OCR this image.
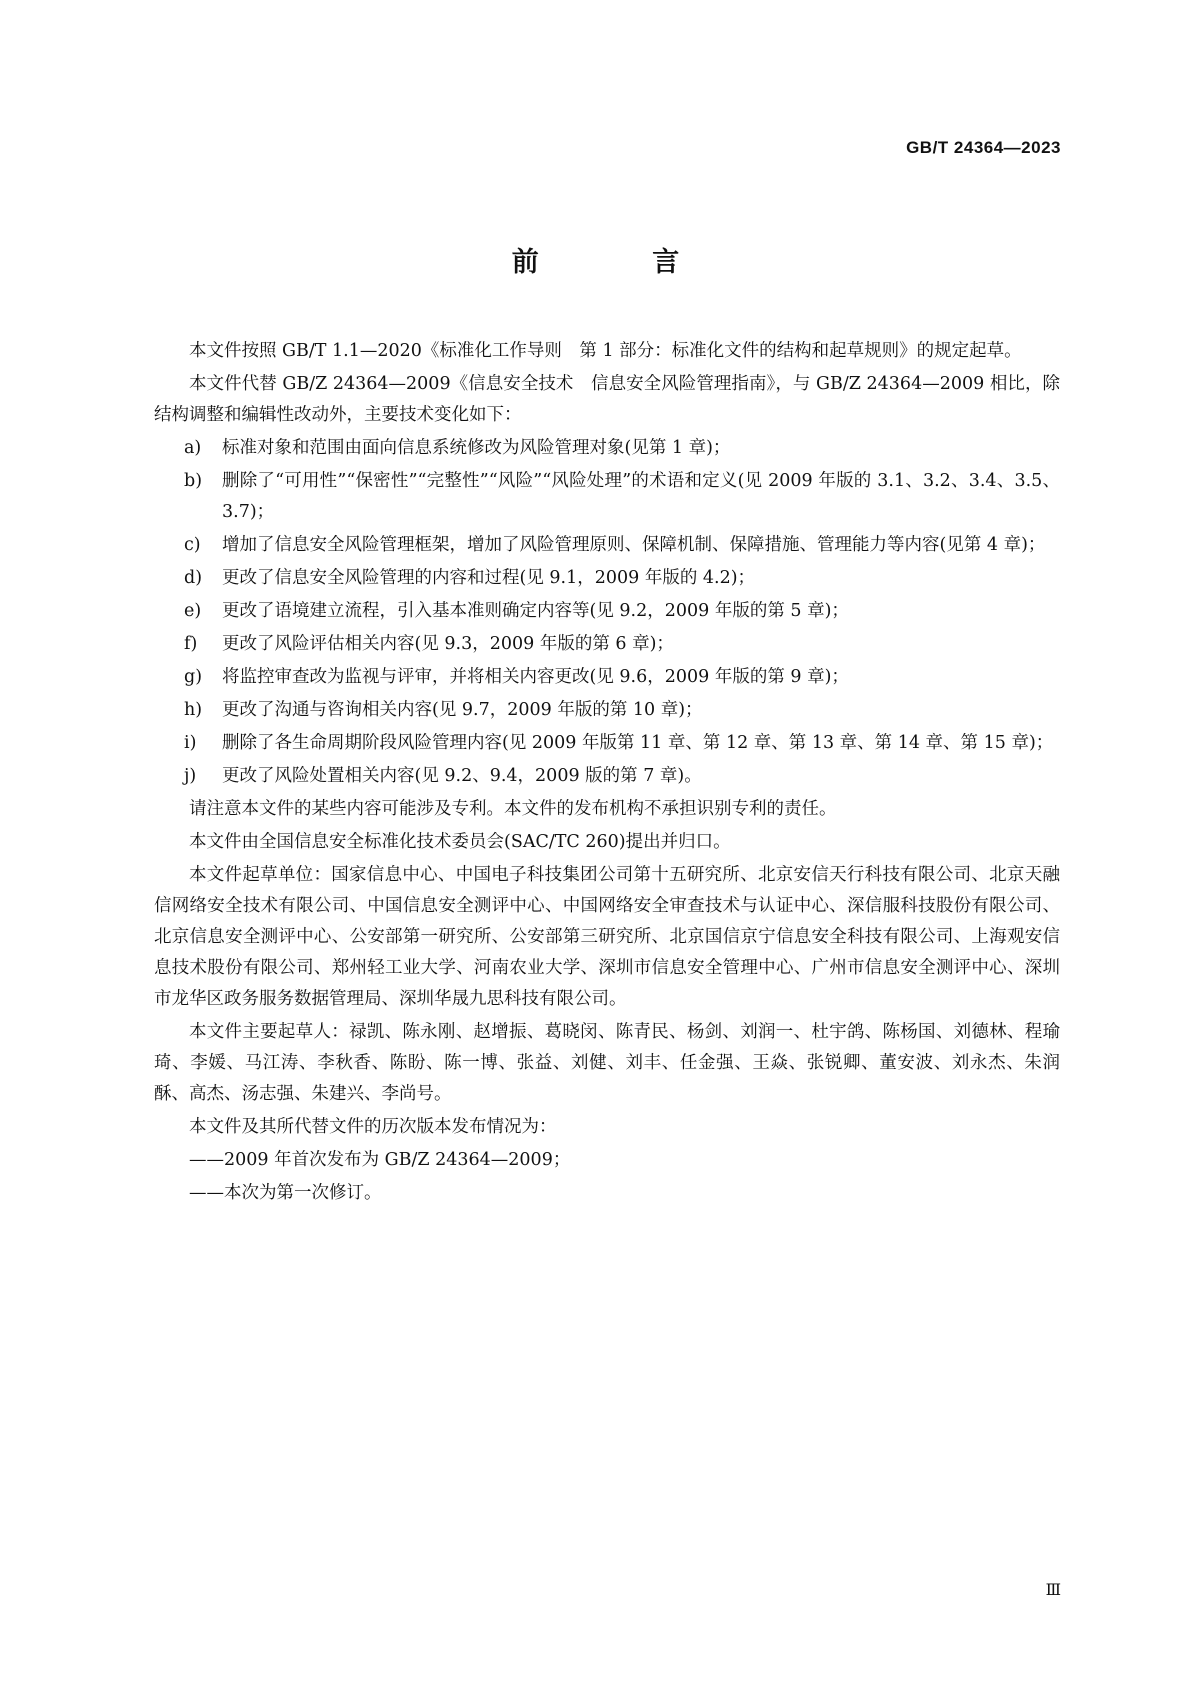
GB/T 24364—2023
前 言

本文件按照 GB/T 1.1—2020《标准化工作导则　第 1 部分：标准化文件的结构和起草规则》的规定起草。

本文件代替 GB/Z 24364—2009《信息安全技术　信息安全风险管理指南》，与 GB/Z 24364—2009 相比，除结构调整和编辑性改动外，主要技术变化如下：

a)	标准对象和范围由面向信息系统修改为风险管理对象(见第 1 章)；
b)	删除了“可用性”“保密性”“完整性”“风险”“风险处理”的术语和定义(见 2009 年版的 3.1、3.2、3.4、3.5、3.7)；
c)	增加了信息安全风险管理框架，增加了风险管理原则、保障机制、保障措施、管理能力等内容(见第 4 章)；
d)	更改了信息安全风险管理的内容和过程(见 9.1，2009 年版的 4.2)；
e)	更改了语境建立流程，引入基本准则确定内容等(见 9.2，2009 年版的第 5 章)；
f)	更改了风险评估相关内容(见 9.3，2009 年版的第 6 章)；
g)	将监控审查改为监视与评审，并将相关内容更改(见 9.6，2009 年版的第 9 章)；
h)	更改了沟通与咨询相关内容(见 9.7，2009 年版的第 10 章)；
i)	删除了各生命周期阶段风险管理内容(见 2009 年版第 11 章、第 12 章、第 13 章、第 14 章、第 15 章)；
j)	更改了风险处置相关内容(见 9.2、9.4，2009 版的第 7 章)。

请注意本文件的某些内容可能涉及专利。本文件的发布机构不承担识别专利的责任。

本文件由全国信息安全标准化技术委员会(SAC/TC 260)提出并归口。

本文件起草单位：国家信息中心、中国电子科技集团公司第十五研究所、北京安信天行科技有限公司、北京天融信网络安全技术有限公司、中国信息安全测评中心、中国网络安全审查技术与认证中心、深信服科技股份有限公司、北京信息安全测评中心、公安部第一研究所、公安部第三研究所、北京国信京宁信息安全科技有限公司、上海观安信息技术股份有限公司、郑州轻工业大学、河南农业大学、深圳市信息安全管理中心、广州市信息安全测评中心、深圳市龙华区政务服务数据管理局、深圳华晟九思科技有限公司。

本文件主要起草人：禄凯、陈永刚、赵增振、葛晓闵、陈青民、杨剑、刘润一、杜宇鸽、陈杨国、刘德林、程瑜琦、李媛、马江涛、李秋香、陈盼、陈一博、张益、刘健、刘丰、任金强、王焱、张锐卿、董安波、刘永杰、朱润酥、高杰、汤志强、朱建兴、李尚号。

本文件及其所代替文件的历次版本发布情况为：

——2009 年首次发布为 GB/Z 24364—2009；
——本次为第一次修订。
Ⅲ
